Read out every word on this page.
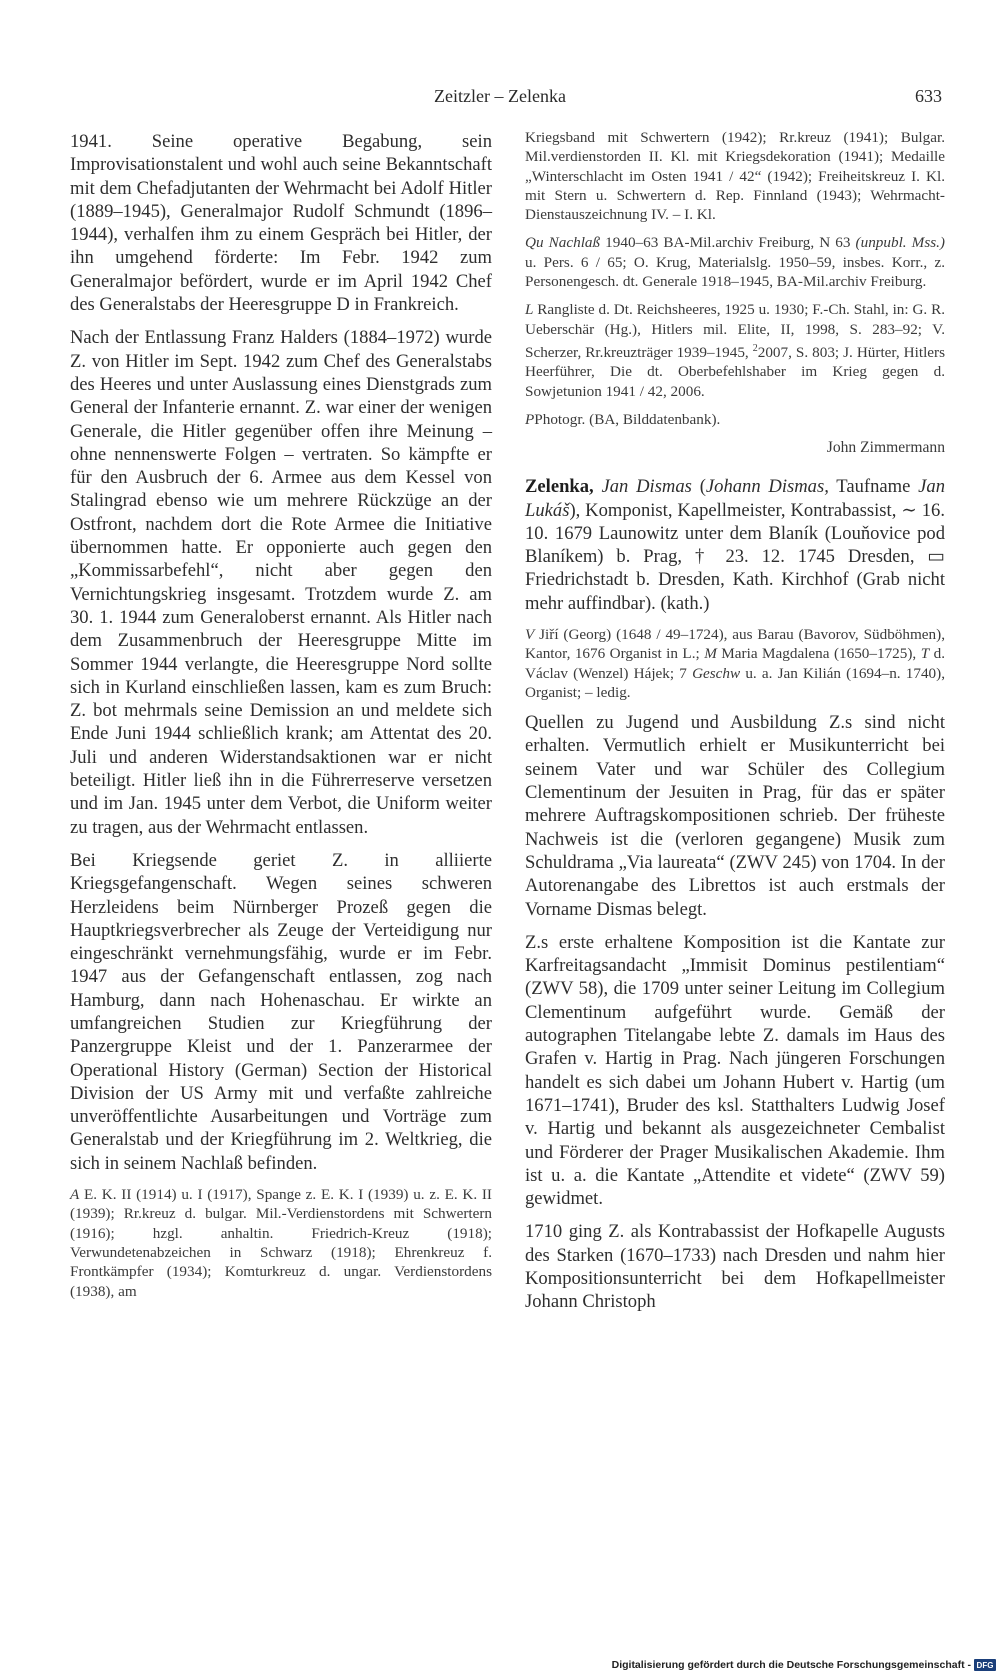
Zeitzler – Zelenka	633

1941. Seine operative Begabung, sein Improvisationstalent und wohl auch seine Bekanntschaft mit dem Chefadjutanten der Wehrmacht bei Adolf Hitler (1889–1945), Generalmajor Rudolf Schmundt (1896–1944), verhalfen ihm zu einem Gespräch bei Hitler, der ihn umgehend förderte: Im Febr. 1942 zum Generalmajor befördert, wurde er im April 1942 Chef des Generalstabs der Heeresgruppe D in Frankreich.

Nach der Entlassung Franz Halders (1884–1972) wurde Z. von Hitler im Sept. 1942 zum Chef des Generalstabs des Heeres und unter Auslassung eines Dienstgrads zum General der Infanterie ernannt. Z. war einer der wenigen Generale, die Hitler gegenüber offen ihre Meinung – ohne nennenswerte Folgen – vertraten. So kämpfte er für den Ausbruch der 6. Armee aus dem Kessel von Stalingrad ebenso wie um mehrere Rückzüge an der Ostfront, nachdem dort die Rote Armee die Initiative übernommen hatte. Er opponierte auch gegen den „Kommissarbefehl“, nicht aber gegen den Vernichtungskrieg insgesamt. Trotzdem wurde Z. am 30. 1. 1944 zum Generaloberst ernannt. Als Hitler nach dem Zusammenbruch der Heeresgruppe Mitte im Sommer 1944 verlangte, die Heeresgruppe Nord sollte sich in Kurland einschließen lassen, kam es zum Bruch: Z. bot mehrmals seine Demission an und meldete sich Ende Juni 1944 schließlich krank; am Attentat des 20. Juli und anderen Widerstandsaktionen war er nicht beteiligt. Hitler ließ ihn in die Führerreserve versetzen und im Jan. 1945 unter dem Verbot, die Uniform weiter zu tragen, aus der Wehrmacht entlassen.

Bei Kriegsende geriet Z. in alliierte Kriegsgefangenschaft. Wegen seines schweren Herzleidens beim Nürnberger Prozeß gegen die Hauptkriegsverbrecher als Zeuge der Verteidigung nur eingeschränkt vernehmungsfähig, wurde er im Febr. 1947 aus der Gefangenschaft entlassen, zog nach Hamburg, dann nach Hohenaschau. Er wirkte an umfangreichen Studien zur Kriegführung der Panzergruppe Kleist und der 1. Panzerarmee der Operational History (German) Section der Historical Division der US Army mit und verfaßte zahlreiche unveröffentlichte Ausarbeitungen und Vorträge zum Generalstab und der Kriegführung im 2. Weltkrieg, die sich in seinem Nachlaß befinden.

A E. K. II (1914) u. I (1917), Spange z. E. K. I (1939) u. z. E. K. II (1939); Rr.kreuz d. bulgar. Mil.-Verdienstordens mit Schwertern (1916); hzgl. anhaltin. Friedrich-Kreuz (1918); Verwundetenabzeichen in Schwarz (1918); Ehrenkreuz f. Frontkämpfer (1934); Komturkreuz d. ungar. Verdienstordens (1938), am

Kriegsband mit Schwertern (1942); Rr.kreuz (1941); Bulgar. Mil.verdienstorden II. Kl. mit Kriegsdekoration (1941); Medaille „Winterschlacht im Osten 1941 / 42“ (1942); Freiheitskreuz I. Kl. mit Stern u. Schwertern d. Rep. Finnland (1943); Wehrmacht-Dienstauszeichnung IV. – I. Kl.

Qu Nachlaß 1940–63 BA-Mil.archiv Freiburg, N 63 (unpubl. Mss.) u. Pers. 6 / 65; O. Krug, Materialslg. 1950–59, insbes. Korr., z. Personengesch. dt. Generale 1918–1945, BA-Mil.archiv Freiburg.

L Rangliste d. Dt. Reichsheeres, 1925 u. 1930; F.-Ch. Stahl, in: G. R. Ueberschär (Hg.), Hitlers mil. Elite, II, 1998, S. 283–92; V. Scherzer, Rr.kreuzträger 1939–1945, $^2$2007, S. 803; J. Hürter, Hitlers Heerführer, Die dt. Oberbefehlshaber im Krieg gegen d. Sowjetunion 1941 / 42, 2006.

PPhotogr. (BA, Bilddatenbank).

John Zimmermann

Zelenka, Jan Dismas (Johann Dismas, Taufname Jan Lukáš), Komponist, Kapellmeister, Kontrabassist, ∼ 16. 10. 1679 Launowitz unter dem Blaník (Louňovice pod Blaníkem) b. Prag, † 23. 12. 1745 Dresden, ▭ Friedrichstadt b. Dresden, Kath. Kirchhof (Grab nicht mehr auffindbar). (kath.)

V Jiří (Georg) (1648 / 49–1724), aus Barau (Bavorov, Südböhmen), Kantor, 1676 Organist in L.; M Maria Magdalena (1650–1725), T d. Václav (Wenzel) Hájek; 7 Geschw u. a. Jan Kilián (1694–n. 1740), Organist; – ledig.

Quellen zu Jugend und Ausbildung Z.s sind nicht erhalten. Vermutlich erhielt er Musikunterricht bei seinem Vater und war Schüler des Collegium Clementinum der Jesuiten in Prag, für das er später mehrere Auftragskompositionen schrieb. Der früheste Nachweis ist die (verloren gegangene) Musik zum Schuldrama „Via laureata“ (ZWV 245) von 1704. In der Autorenangabe des Librettos ist auch erstmals der Vorname Dismas belegt.

Z.s erste erhaltene Komposition ist die Kantate zur Karfreitagsandacht „Immisit Dominus pestilentiam“ (ZWV 58), die 1709 unter seiner Leitung im Collegium Clementinum aufgeführt wurde. Gemäß der autographen Titelangabe lebte Z. damals im Haus des Grafen v. Hartig in Prag. Nach jüngeren Forschungen handelt es sich dabei um Johann Hubert v. Hartig (um 1671–1741), Bruder des ksl. Statthalters Ludwig Josef v. Hartig und bekannt als ausgezeichneter Cembalist und Förderer der Prager Musikalischen Akademie. Ihm ist u. a. die Kantate „Attendite et videte“ (ZWV 59) gewidmet.

1710 ging Z. als Kontrabassist der Hofkapelle Augusts des Starken (1670–1733) nach Dresden und nahm hier Kompositionsunterricht bei dem Hofkapellmeister Johann Christoph

Digitalisierung gefördert durch die Deutsche Forschungsgemeinschaft - DFG
